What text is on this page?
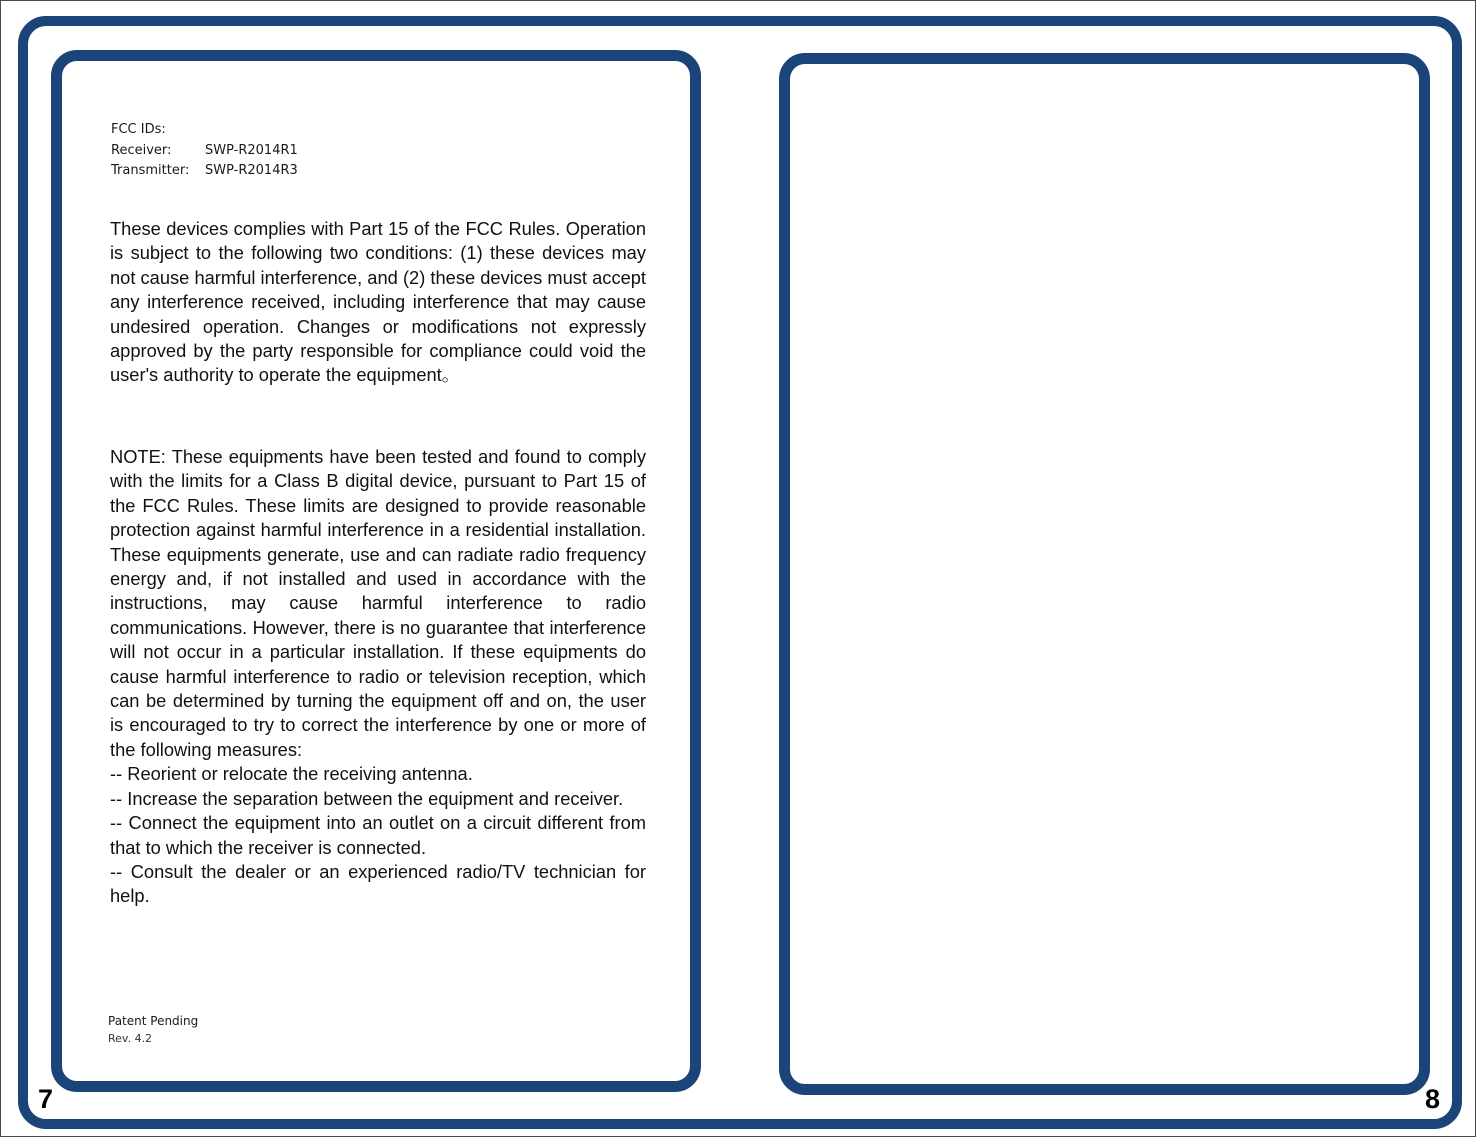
FCC IDs:
Receiver:	SWP-R2014R1
Transmitter: SWP-R2014R3

These devices complies with Part 15 of the FCC Rules. Operation is subject to the following two conditions: (1) these devices may not cause harmful interference, and (2) these devices must accept any interference received, including interference that may cause undesired operation. Changes or modifications not expressly approved by the party responsible for compliance could void the user's authority to operate the equipment。

NOTE: These equipments have been tested and found to comply with the limits for a Class B digital device, pursuant to Part 15 of the FCC Rules. These limits are designed to provide reasonable protection against harmful interference in a residential installation. These equipments generate, use and can radiate radio frequency energy and, if not installed and used in accordance with the instructions, may cause harmful interference to radio communications. However, there is no guarantee that interference will not occur in a particular installation. If these equipments do cause harmful interference to radio or television reception, which can be determined by turning the equipment off and on, the user is encouraged to try to correct the interference by one or more of the following measures:

-- Reorient or relocate the receiving antenna.

-- Increase the separation between the equipment and receiver.

-- Connect the equipment into an outlet on a circuit different from that to which the receiver is connected.

-- Consult the dealer or an experienced radio/TV technician for help.

Patent Pending
Rev. 4.2
7	8
